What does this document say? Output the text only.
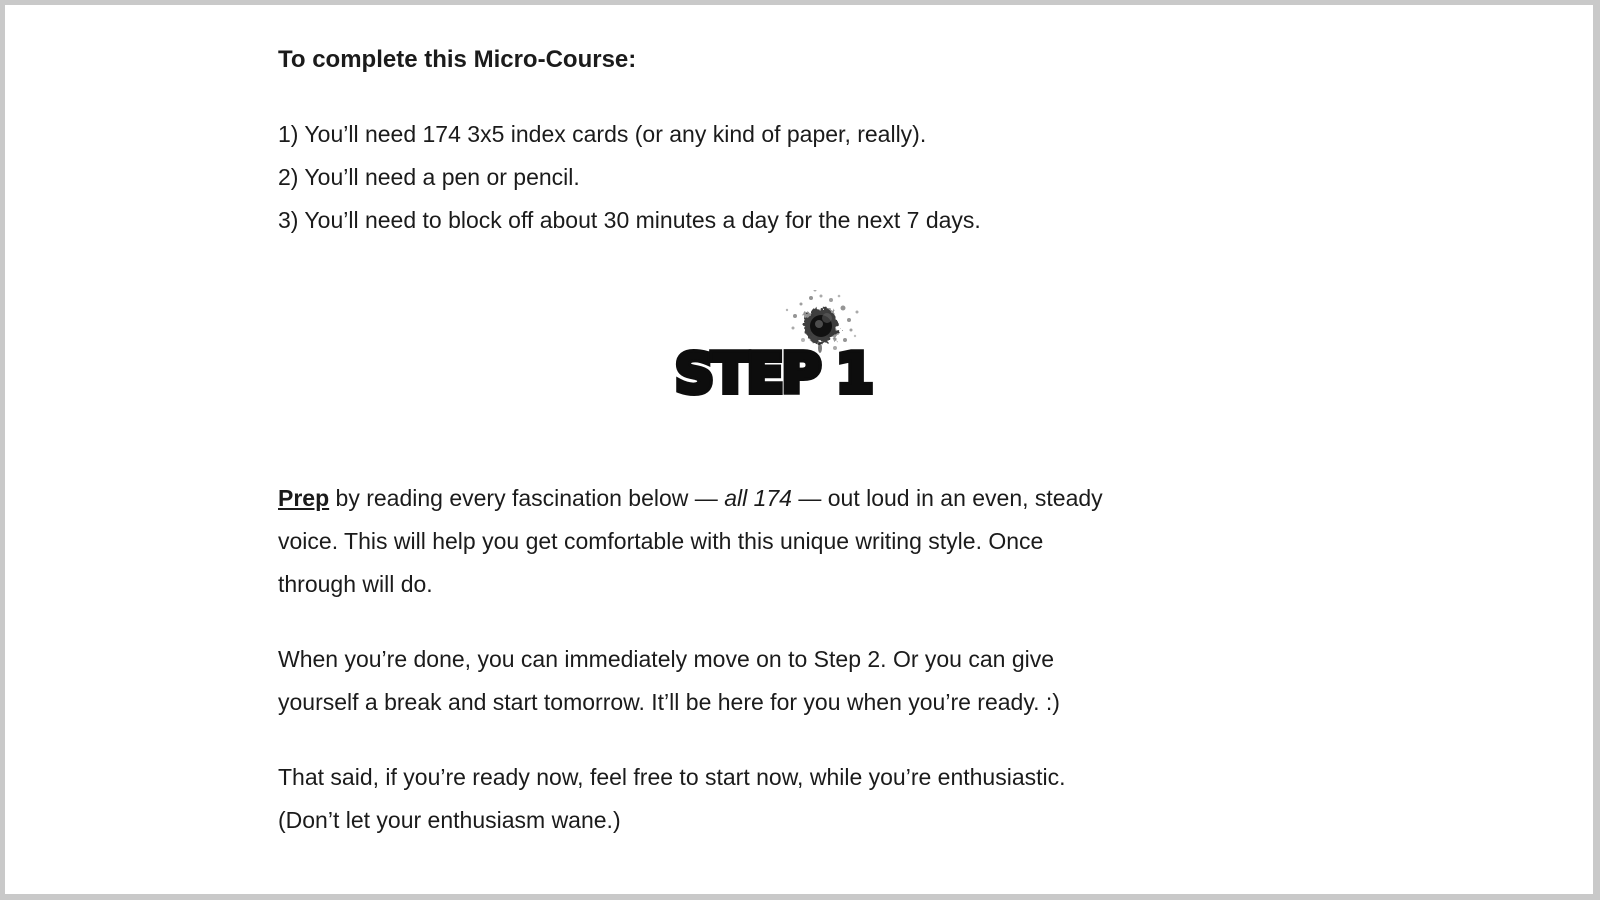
To complete this Micro-Course:
1) You’ll need 174 3x5 index cards (or any kind of paper, really).
2) You’ll need a pen or pencil.
3) You’ll need to block off about 30 minutes a day for the next 7 days.
STEP 1
Prep by reading every fascination below — all 174 — out loud in an even, steady
voice. This will help you get comfortable with this unique writing style. Once
through will do.
When you’re done, you can immediately move on to Step 2. Or you can give
yourself a break and start tomorrow. It’ll be here for you when you’re ready. :)
That said, if you’re ready now, feel free to start now, while you’re enthusiastic.
(Don’t let your enthusiasm wane.)
